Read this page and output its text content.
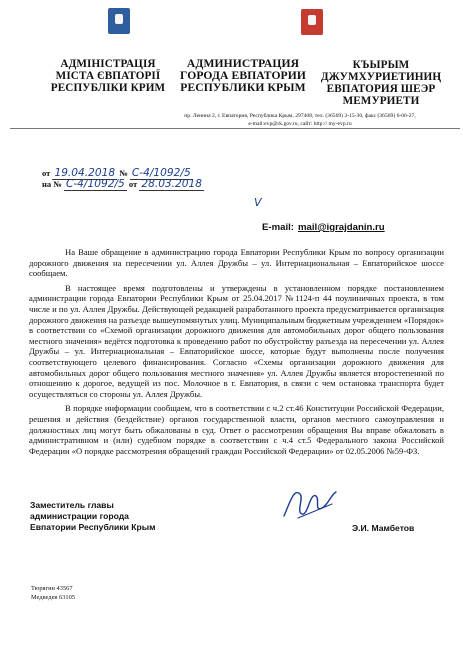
АДМІНІСТРАЦІЯ
МІСТА ЄВПАТОРІЇ
РЕСПУБЛІКИ КРИМ
АДМИНИСТРАЦИЯ
ГОРОДА ЕВПАТОРИИ
РЕСПУБЛИКИ КРЫМ
КЪЫРЫМ
ДЖУМХУРИЕТИНИҢ
ЕВПАТОРИЯ ШЕЭР
МЕМУРИЕТИ
пр. Ленина 2, г. Евпатория, Республика Крым, 297408, тел. (36569) 3-15-30, факс (36569) 6-06-27,
e-mail:evp@rk.gov.ru, сайт: http:// my-evp.ru
от 19.04.2018 № С-4/1092/5
на № С-4/1092/5 от 28.03.2018
V
E-mail: mail@igrajdanin.ru

На Ваше обращение в администрацию города Евпатории Республики Крым по вопросу организации дорожного движения на пересечении ул. Аллея Дружбы – ул. Интернациональная – Евпаторийское шоссе сообщаем.

В настоящее время подготовлены и утверждены в установленном порядке постановлением администрации города Евпатории Республики Крым от 25.04.2017 №1124-п 44 поулиничных проекта, в том числе и по ул. Аллея Дружбы. Действующей редакцией разработанного проекта предусматривается организация дорожного движения на разъезде вышеупомянутых улиц. Муниципальным бюджетным учреждением «Порядок» в соответствии со «Схемой организации дорожного движения для автомобильных дорог общего пользования местного значения» ведётся подготовка к проведению работ по обустройству разъезда на пересечении ул. Аллея Дружбы – ул. Интернациональная – Евпаторийское шоссе, которые будут выполнены после получения соответствующего целевого финансирования. Согласно «Схемы организации дорожного движения для автомобильных дорог общего пользования местного значения» ул. Аллея Дружбы является второстепенной по отношению к дорогое, ведущей из пос. Молочное в г. Евпатория, в связи с чем остановка транспорта будет осуществляться со стороны ул. Аллея Дружбы.

В порядке информации сообщаем, что в соответствии с ч.2 ст.46 Конституции Российской Федерации, решения и действия (бездействие) органов государственной власти, органов местного самоуправления и должностных лиц могут быть обжалованы в суд. Ответ о рассмотрении обращения Вы вправе обжаловать в административном и (или) судебном порядке в соответствии с ч.4 ст.5 Федерального закона Российской Федерации «О порядке рассмотрения обращений граждан Российской Федерации» от 02.05.2006 №59-ФЗ.

Заместитель главы
администрации города
Евпатории Республики Крым	Э.И. Мамбетов
Тюрягин 43567
Медведев 63105
